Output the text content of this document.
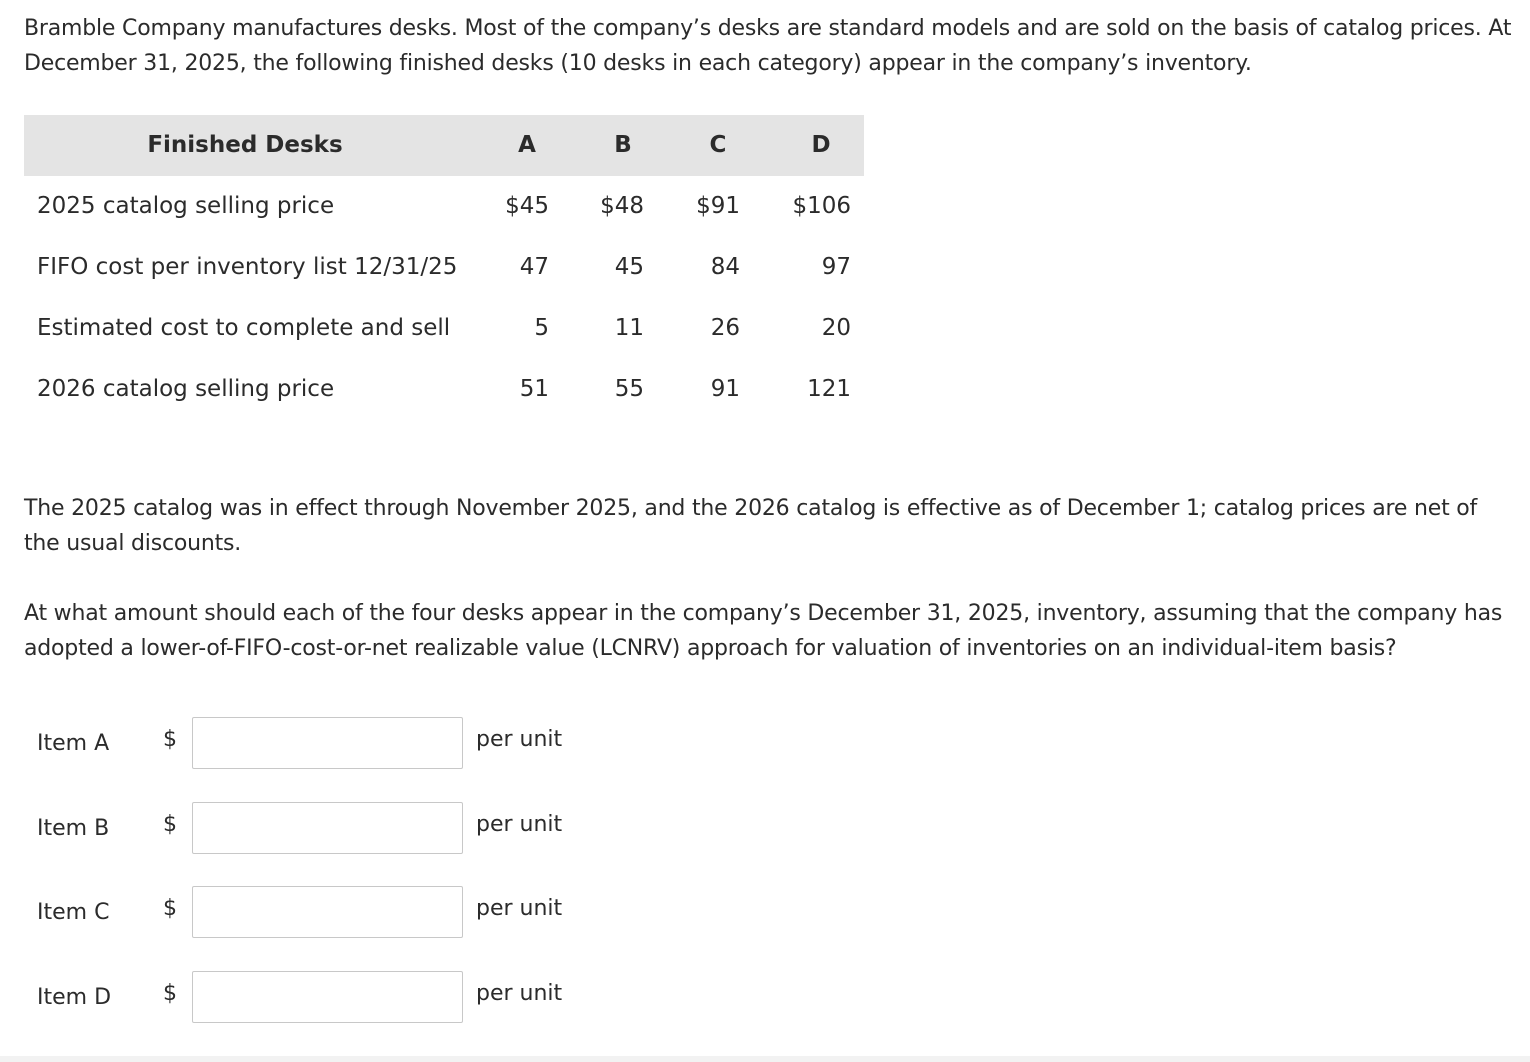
Bramble Company manufactures desks. Most of the company’s desks are standard models and are sold on the basis of catalog prices. At December 31, 2025, the following finished desks (10 desks in each category) appear in the company’s inventory.
Finished Desks	A	B	C	D
2025 catalog selling price	$45	$48	$91	$106
FIFO cost per inventory list 12/31/25	47	45	84	97
Estimated cost to complete and sell	5	11	26	20
2026 catalog selling price	51	55	91	121
The 2025 catalog was in effect through November 2025, and the 2026 catalog is effective as of December 1; catalog prices are net of the usual discounts.
At what amount should each of the four desks appear in the company’s December 31, 2025, inventory, assuming that the company has adopted a lower-of-FIFO-cost-or-net realizable value (LCNRV) approach for valuation of inventories on an individual-item basis?
Item A $	per unit
Item B $	per unit
Item C $	per unit
Item D $	per unit
